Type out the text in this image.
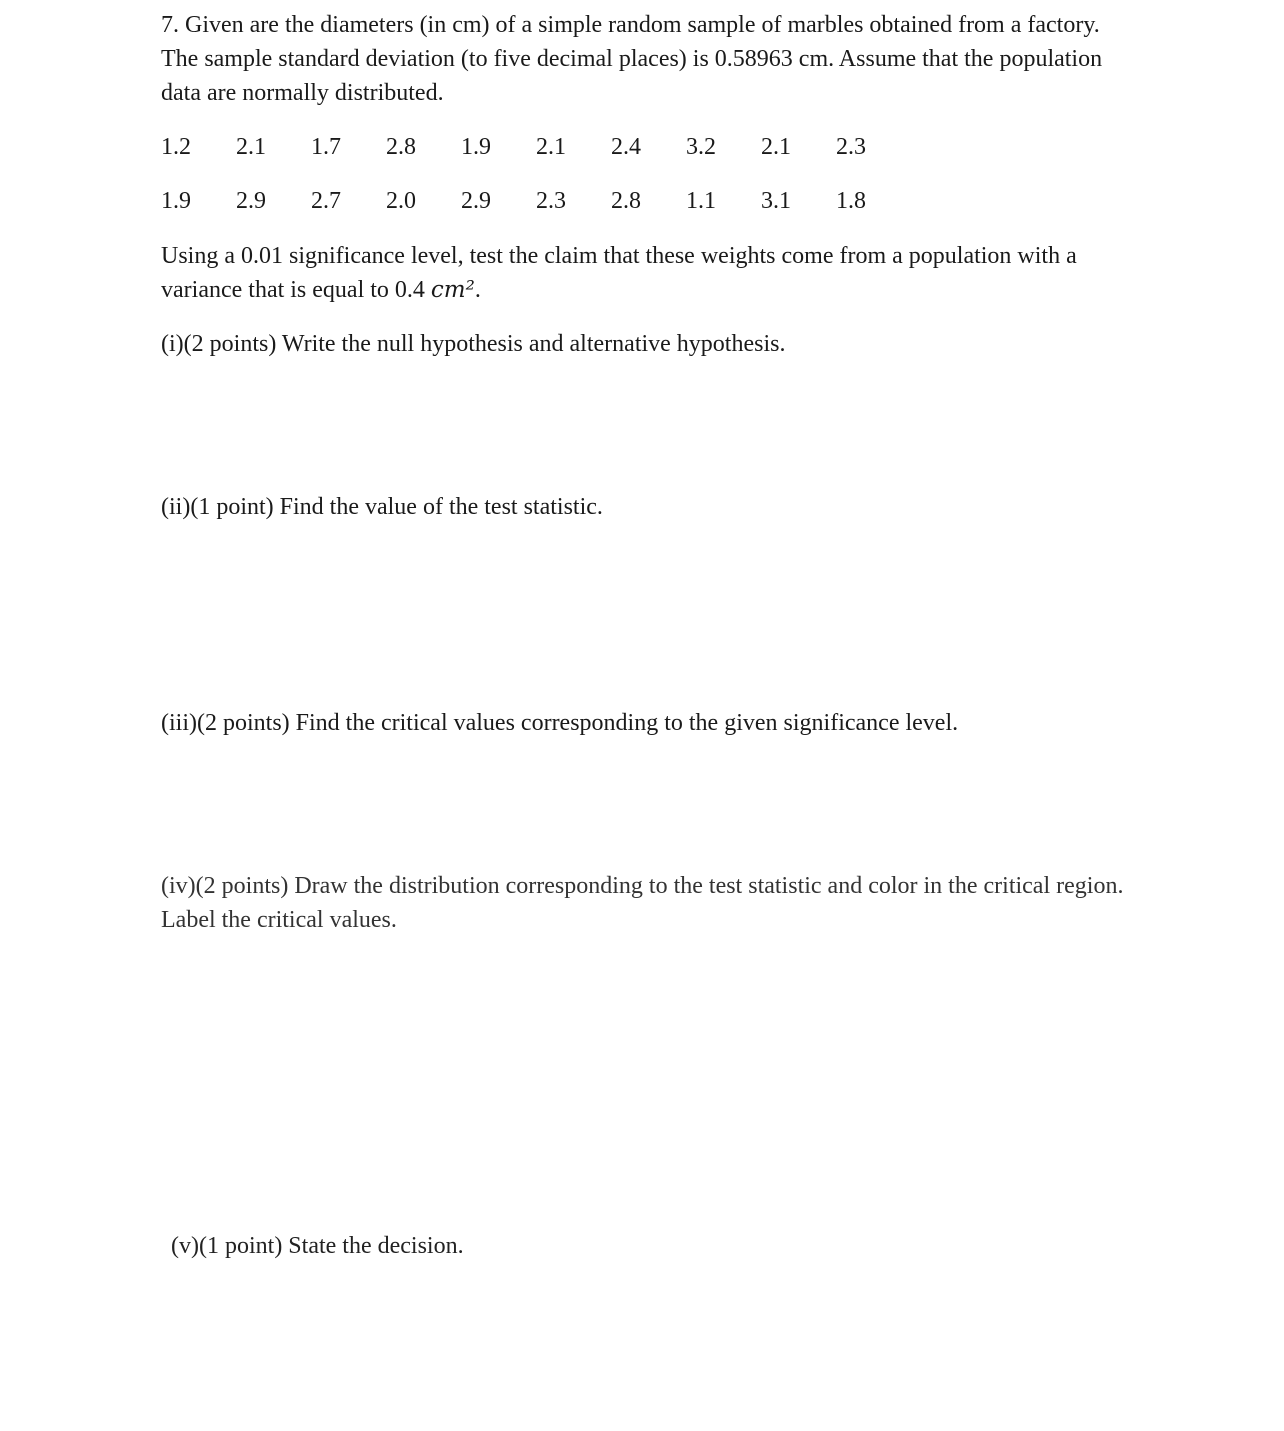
7. Given are the diameters (in cm) of a simple random sample of marbles obtained from a factory. The sample standard deviation (to five decimal places) is 0.58963 cm. Assume that the population data are normally distributed.
1.2 2.1 1.7 2.8 1.9 2.1 2.4 3.2 2.1 2.3
1.9 2.9 2.7 2.0 2.9 2.3 2.8 1.1 3.1 1.8
Using a 0.01 significance level, test the claim that these weights come from a population with a variance that is equal to 0.4 cm².
(i)(2 points) Write the null hypothesis and alternative hypothesis.
(ii)(1 point) Find the value of the test statistic.
(iii)(2 points) Find the critical values corresponding to the given significance level.
(iv)(2 points) Draw the distribution corresponding to the test statistic and color in the critical region. Label the critical values.
(v)(1 point) State the decision.
